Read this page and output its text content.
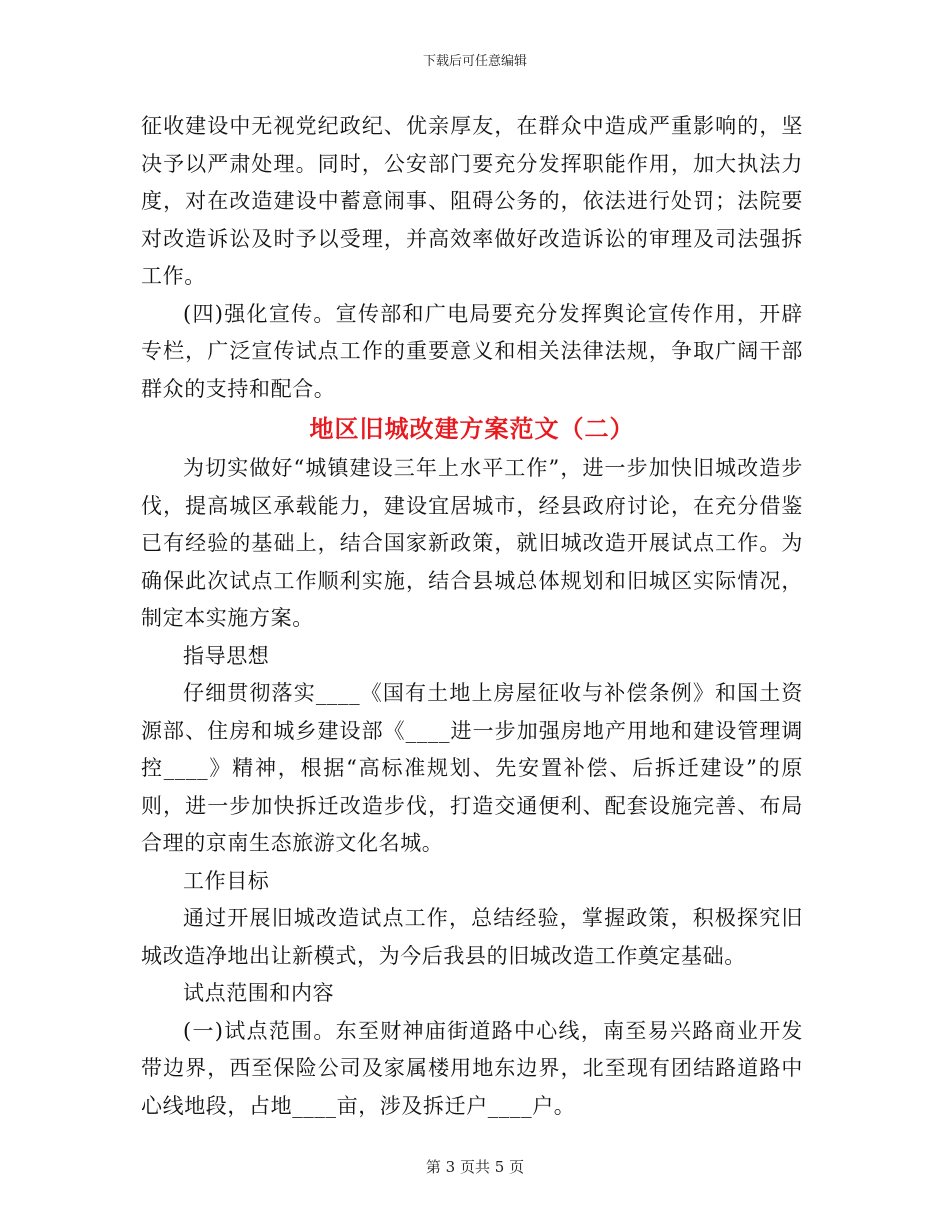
下载后可任意编辑

征收建设中无视党纪政纪、优亲厚友，在群众中造成严重影响的，坚决予以严肃处理。同时，公安部门要充分发挥职能作用，加大执法力度，对在改造建设中蓄意闹事、阻碍公务的，依法进行处罚；法院要对改造诉讼及时予以受理，并高效率做好改造诉讼的审理及司法强拆工作。

(四)强化宣传。宣传部和广电局要充分发挥舆论宣传作用，开辟专栏，广泛宣传试点工作的重要意义和相关法律法规，争取广阔干部群众的支持和配合。

地区旧城改建方案范文（二）

为切实做好“城镇建设三年上水平工作”，进一步加快旧城改造步伐，提高城区承载能力，建设宜居城市，经县政府讨论，在充分借鉴已有经验的基础上，结合国家新政策，就旧城改造开展试点工作。为确保此次试点工作顺利实施，结合县城总体规划和旧城区实际情况，制定本实施方案。

指导思想

仔细贯彻落实____《国有土地上房屋征收与补偿条例》和国土资源部、住房和城乡建设部《____进一步加强房地产用地和建设管理调控____》精神，根据“高标准规划、先安置补偿、后拆迁建设”的原则，进一步加快拆迁改造步伐，打造交通便利、配套设施完善、布局合理的京南生态旅游文化名城。

工作目标

通过开展旧城改造试点工作，总结经验，掌握政策，积极探究旧城改造净地出让新模式，为今后我县的旧城改造工作奠定基础。

试点范围和内容

(一)试点范围。东至财神庙街道路中心线，南至易兴路商业开发带边界，西至保险公司及家属楼用地东边界，北至现有团结路道路中心线地段，占地____亩，涉及拆迁户____户。

第 3 页共 5 页
